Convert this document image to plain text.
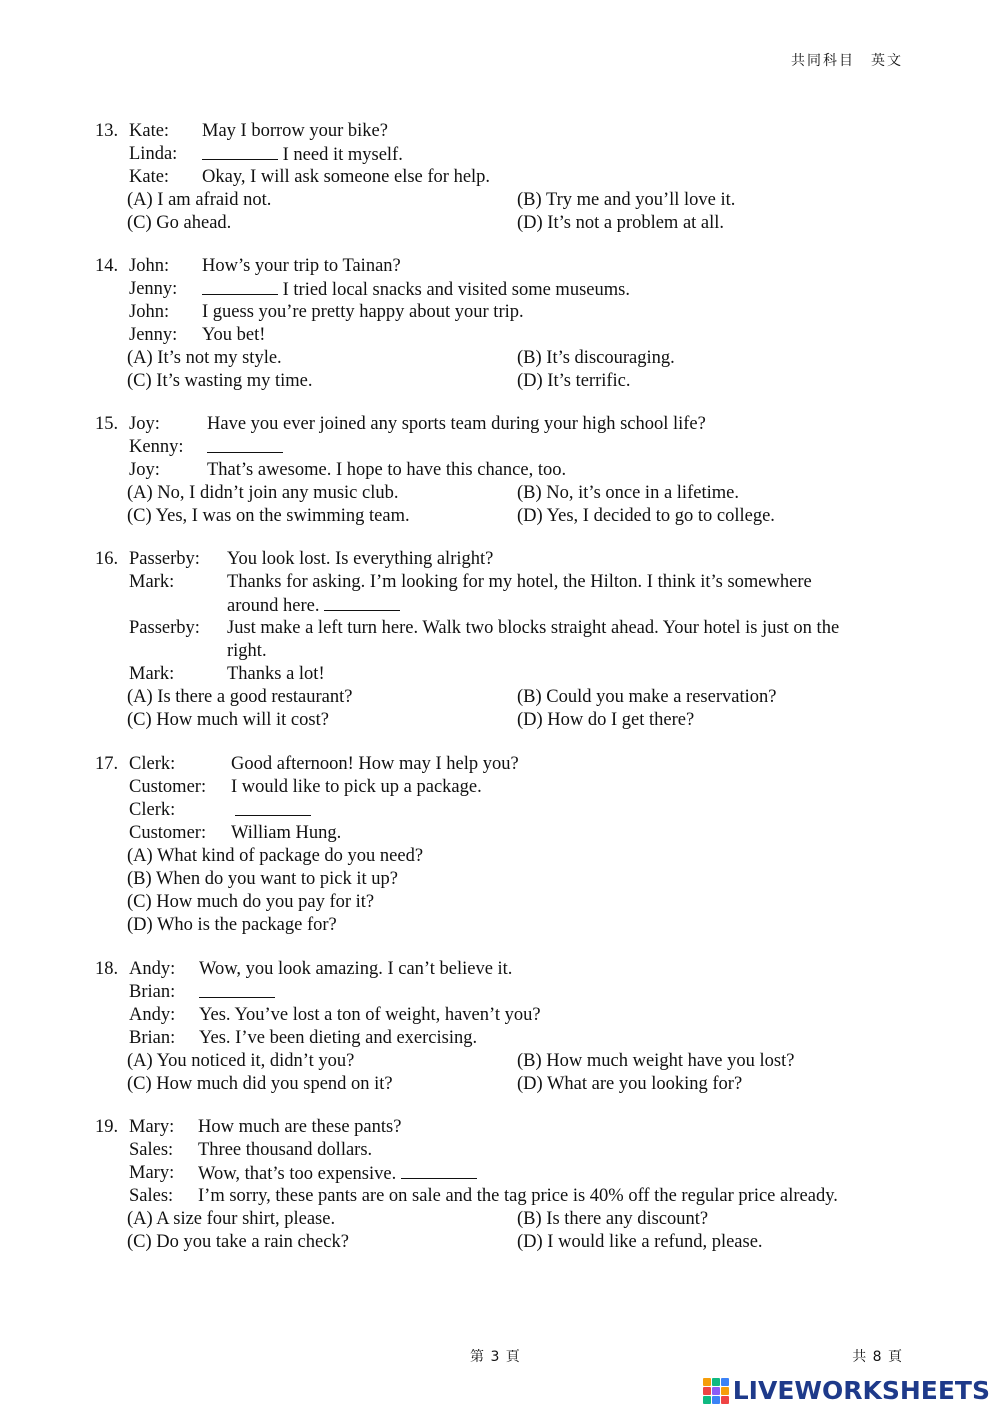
共同科目　英文
13. Kate: May I borrow your bike?
Linda:	I need it myself.
Kate: Okay, I will ask someone else for help.
(A) I am afraid not.	(B) Try me and you’ll love it.
(C) Go ahead.	(D) It’s not a problem at all.
14. John: How’s your trip to Tainan?
Jenny:	I tried local snacks and visited some museums.
John: I guess you’re pretty happy about your trip.
Jenny: You bet!
(A) It’s not my style.	(B) It’s discouraging.
(C) It’s wasting my time.	(D) It’s terrific.
15. Joy:	Have you ever joined any sports team during your high school life?
Kenny:
Joy:	That’s awesome. I hope to have this chance, too.
(A) No, I didn’t join any music club.	(B) No, it’s once in a lifetime.
(C) Yes, I was on the swimming team.	(D) Yes, I decided to go to college.
16. Passerby: You look lost. Is everything alright?
Mark:	Thanks for asking. I’m looking for my hotel, the Hilton. I think it’s somewhere
around here.
Passerby: Just make a left turn here. Walk two blocks straight ahead. Your hotel is just on the
right.
Mark:	Thanks a lot!
(A) Is there a good restaurant?	(B) Could you make a reservation?
(C) How much will it cost?	(D) How do I get there?
17. Clerk:	Good afternoon! How may I help you?
Customer: I would like to pick up a package.
Clerk:
Customer: William Hung.
(A) What kind of package do you need?
(B) When do you want to pick it up?
(C) How much do you pay for it?
(D) Who is the package for?
18. Andy: Wow, you look amazing. I can’t believe it.
Brian:
Andy: Yes. You’ve lost a ton of weight, haven’t you?
Brian: Yes. I’ve been dieting and exercising.
(A) You noticed it, didn’t you?	(B) How much weight have you lost?
(C) How much did you spend on it?	(D) What are you looking for?
19. Mary: How much are these pants?
Sales: Three thousand dollars.
Mary: Wow, that’s too expensive.
Sales: I’m sorry, these pants are on sale and the tag price is 40% off the regular price already.
(A) A size four shirt, please.	(B) Is there any discount?
(C) Do you take a rain check?	(D) I would like a refund, please.
第 3 頁	共 8 頁
LIVEWORKSHEETS
